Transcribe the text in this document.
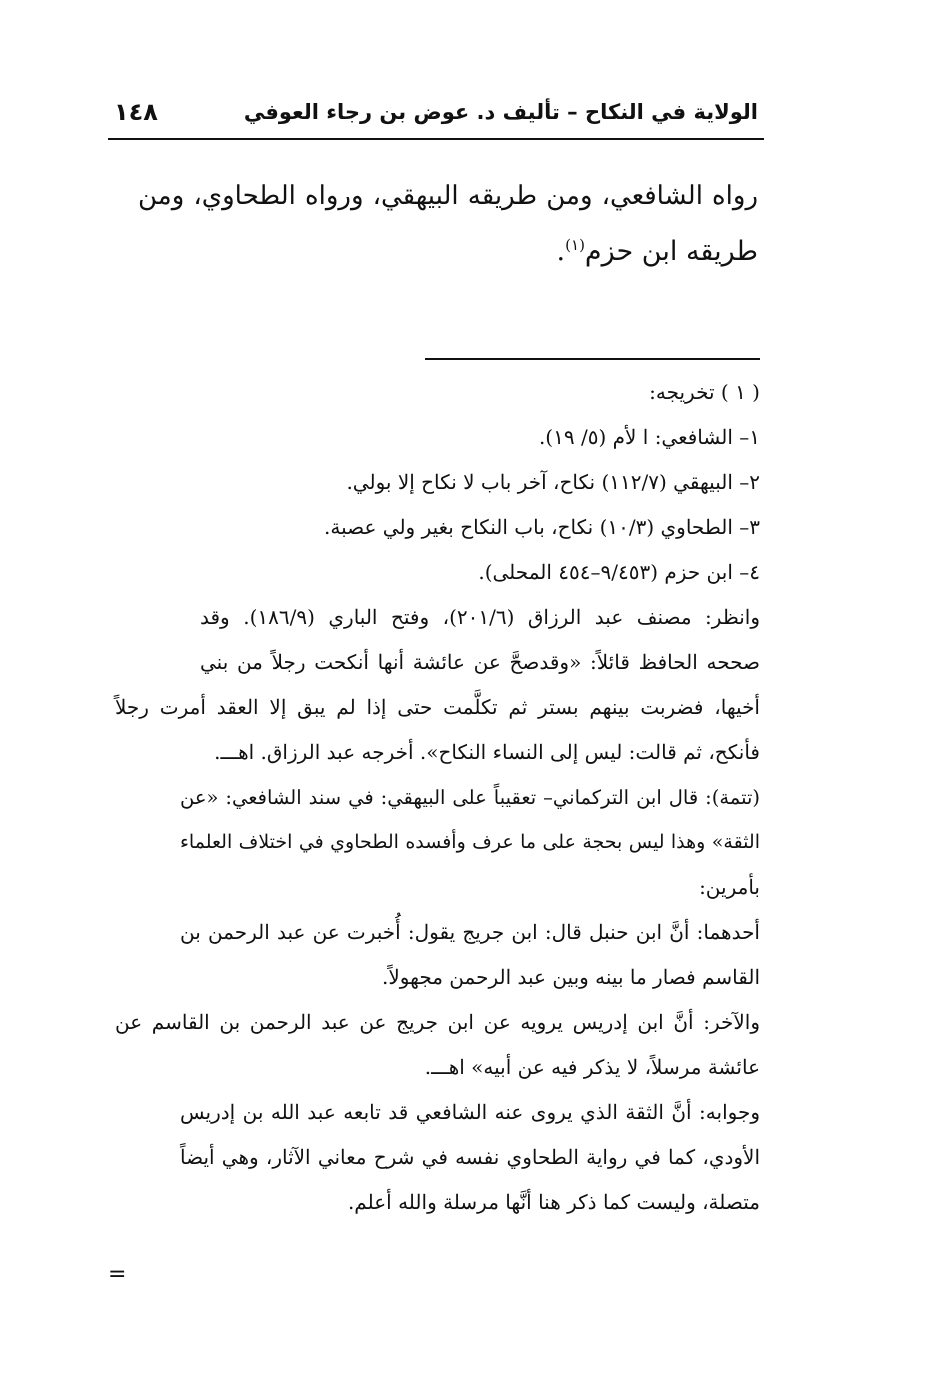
الولاية في النكاح – تأليف د. عوض بن رجاء العوفي
١٤٨
رواه الشافعي، ومن طريقه البيهقي، ورواه الطحاوي، ومن
طريقه ابن حزم$^{(١)}$.
( ١ ) تخريجه:
١– الشافعي: ا لأم (٥/ ١٩).
٢– البيهقي (١١٢/٧) نكاح، آخر باب لا نكاح إلا بولي.
٣– الطحاوي (١٠/٣) نكاح، باب النكاح بغير ولي عصبة.
٤– ابن حزم (٩/٤٥٣–٤٥٤ المحلى).
وانظر: مصنف عبد الرزاق (٢٠١/٦)، وفتح الباري (١٨٦/٩). وقد
صححه الحافظ قائلاً: «وقدصحَّ عن عائشة أنها أنكحت رجلاً من بني
أخيها، فضربت بينهم بستر ثم تكلَّمت حتى إذا لم يبق إلا العقد أمرت رجلاً
فأنكح، ثم قالت: ليس إلى النساء النكاح». أخرجه عبد الرزاق. اهـــ.
(تتمة): قال ابن التركماني– تعقيباً على البيهقي: في سند الشافعي: «عن
الثقة» وهذا ليس بحجة على ما عرف وأفسده الطحاوي في اختلاف العلماء
بأمرين:
أحدهما: أنَّ ابن حنبل قال: ابن جريج يقول: أُخبرت عن عبد الرحمن بن
القاسم فصار ما بينه وبين عبد الرحمن مجهولاً.
والآخر: أنَّ ابن إدريس يرويه عن ابن جريج عن عبد الرحمن بن القاسم عن
عائشة مرسلاً، لا يذكر فيه عن أبيه» اهـــ.
وجوابه: أنَّ الثقة الذي يروى عنه الشافعي قد تابعه عبد الله بن إدريس
الأودي، كما في رواية الطحاوي نفسه في شرح معاني الآثار، وهي أيضاً
متصلة، وليست كما ذكر هنا أنَّها مرسلة والله أعلم.
=
